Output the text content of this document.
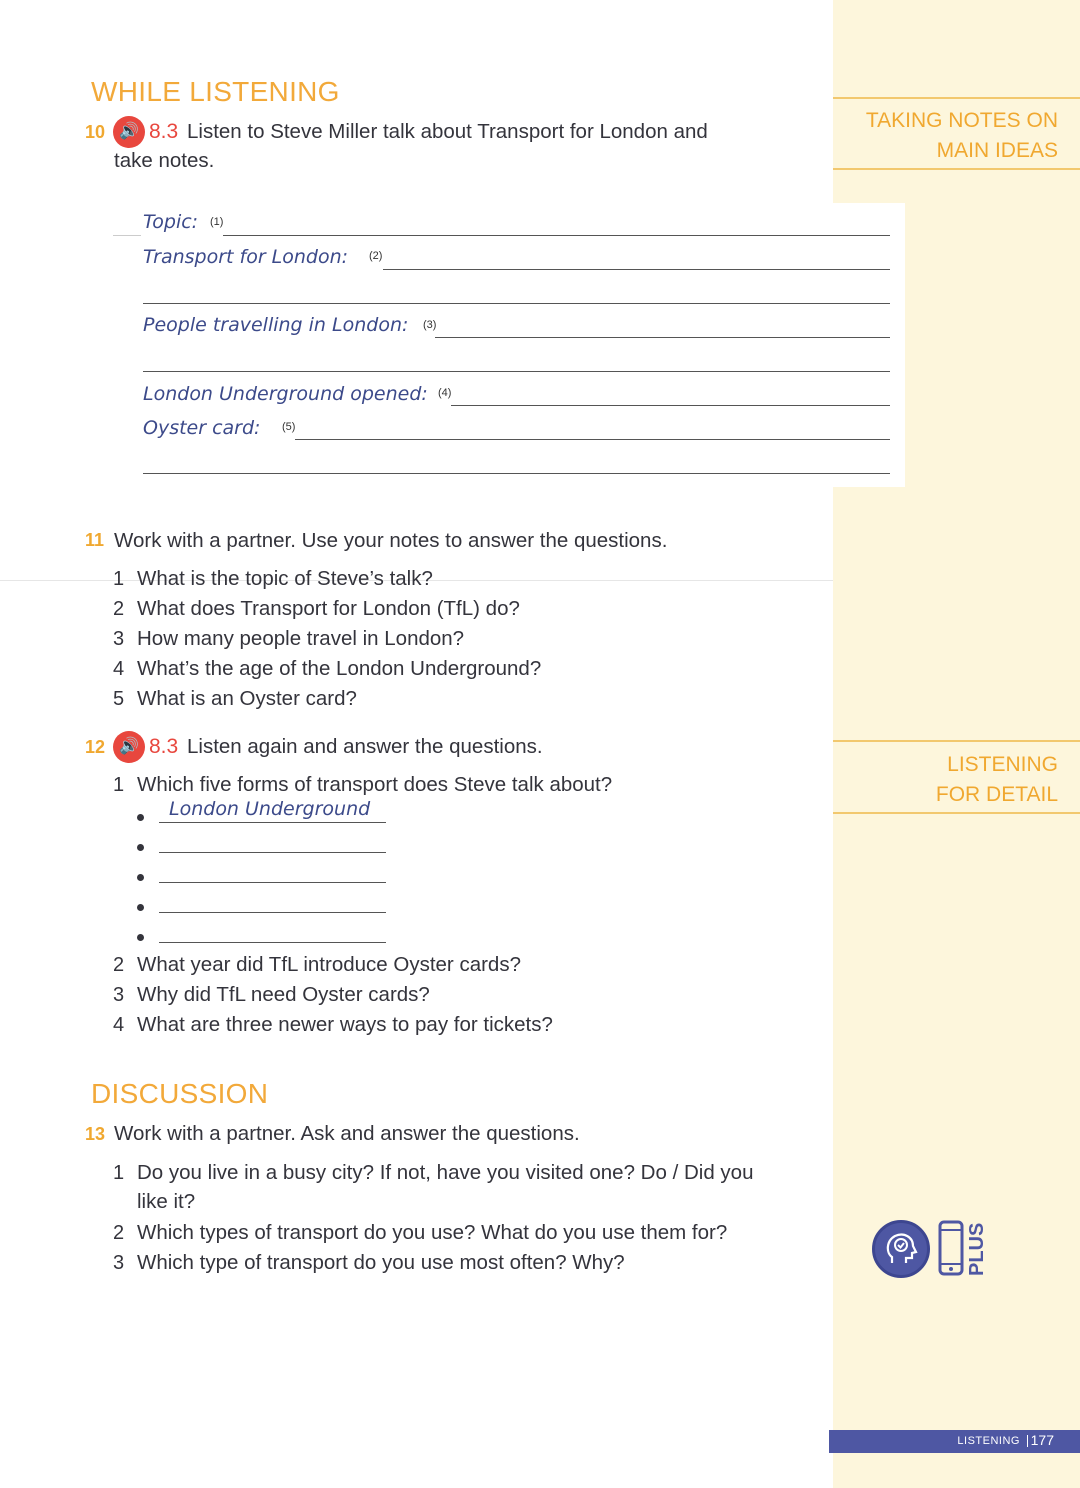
TAKING NOTES ON
MAIN IDEAS
LISTENING
FOR DETAIL
WHILE LISTENING
10 🔊 8.3 Listen to Steve Miller talk about Transport for London and
take notes.
Topic: (1)
Transport for London: (2)
People travelling in London: (3)
London Underground opened: (4)
Oyster card: (5)
11 Work with a partner. Use your notes to answer the questions.
1 What is the topic of Steve’s talk?
2 What does Transport for London (TfL) do?
3 How many people travel in London?
4 What’s the age of the London Underground?
5 What is an Oyster card?
12 🔊 8.3 Listen again and answer the questions.
1 Which five forms of transport does Steve talk about?
London Underground
2 What year did TfL introduce Oyster cards?
3 Why did TfL need Oyster cards?
4 What are three newer ways to pay for tickets?
DISCUSSION
13 Work with a partner. Ask and answer the questions.
1 Do you live in a busy city? If not, have you visited one? Do / Did you
like it?
2 Which types of transport do you use? What do you use them for?
3 Which type of transport do you use most often? Why?	PLUS
LISTENING 177
